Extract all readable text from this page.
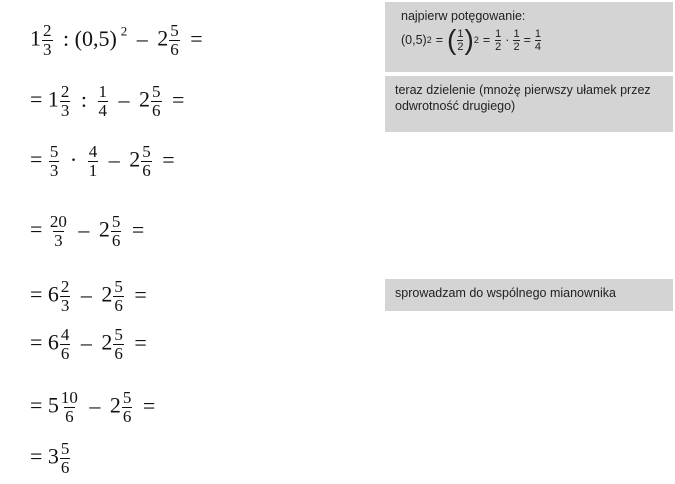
$1 \frac{2}{3}$ : (0,5) $^2 - 2 \frac{5}{6}$ =
= $1 \frac{2}{3}$ : $\frac{1}{4} - 2 \frac{5}{6}$ =
= $\frac{5}{3} \cdot \frac{4}{1} - 2 \frac{5}{6}$ =
= $\frac{20}{3} - 2 \frac{5}{6}$ =
= $6 \frac{2}{3} - 2 \frac{5}{6}$ =
= $6 \frac{4}{6} - 2 \frac{5}{6}$ =
= $5 \frac{10}{6} - 2 \frac{5}{6}$ =
= $3 \frac{5}{6}$
najpierw potęgowanie:
(0,5) 2 = ( $\frac{1}{2}$ ) $2 = \frac{1}{2} \cdot \frac{1}{2} = \frac{1}{4}$
teraz dzielenie (mnożę pierwszy ułamek przez odwrotność drugiego)
sprowadzam do wspólnego mianownika
